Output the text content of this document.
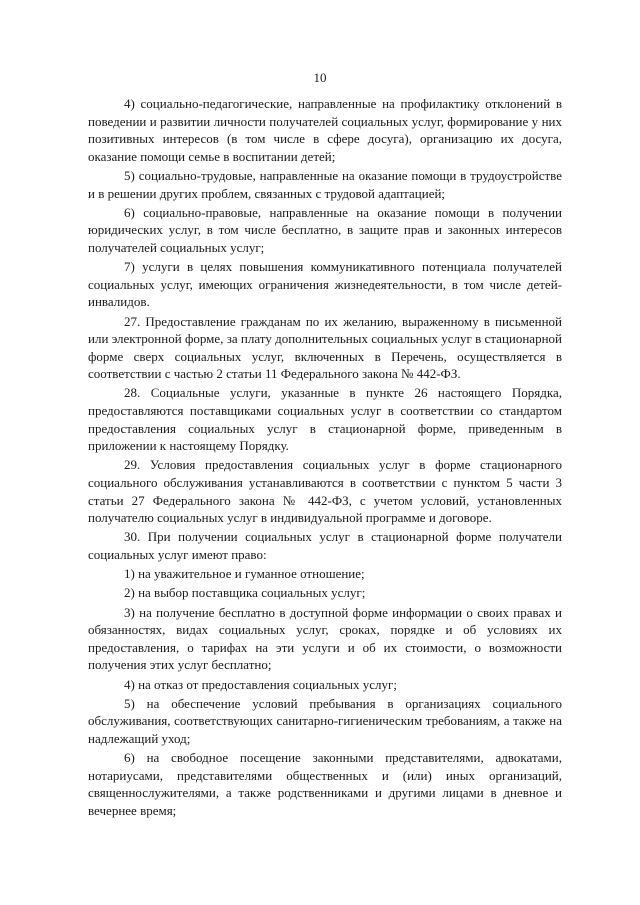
10

4) социально-педагогические, направленные на профилактику отклонений в поведении и развитии личности получателей социальных услуг, формирование у них позитивных интересов (в том числе в сфере досуга), организацию их досуга, оказание помощи семье в воспитании детей;

5) социально-трудовые, направленные на оказание помощи в трудоустройстве и в решении других проблем, связанных с трудовой адаптацией;

6) социально-правовые, направленные на оказание помощи в получении юридических услуг, в том числе бесплатно, в защите прав и законных интересов получателей социальных услуг;

7) услуги в целях повышения коммуникативного потенциала получателей социальных услуг, имеющих ограничения жизнедеятельности, в том числе детей-инвалидов.

27. Предоставление гражданам по их желанию, выраженному в письменной или электронной форме, за плату дополнительных социальных услуг в стационарной форме сверх социальных услуг, включенных в Перечень, осуществляется в соответствии с частью 2 статьи 11 Федерального закона № 442-ФЗ.

28. Социальные услуги, указанные в пункте 26 настоящего Порядка, предоставляются поставщиками социальных услуг в соответствии со стандартом предоставления социальных услуг в стационарной форме, приведенным в приложении к настоящему Порядку.

29. Условия предоставления социальных услуг в форме стационарного социального обслуживания устанавливаются в соответствии с пунктом 5 части 3 статьи 27 Федерального закона № 442-ФЗ, с учетом условий, установленных получателю социальных услуг в индивидуальной программе и договоре.

30. При получении социальных услуг в стационарной форме получатели социальных услуг имеют право:

1) на уважительное и гуманное отношение;

2) на выбор поставщика социальных услуг;

3) на получение бесплатно в доступной форме информации о своих правах и обязанностях, видах социальных услуг, сроках, порядке и об условиях их предоставления, о тарифах на эти услуги и об их стоимости, о возможности получения этих услуг бесплатно;

4) на отказ от предоставления социальных услуг;

5) на обеспечение условий пребывания в организациях социального обслуживания, соответствующих санитарно-гигиеническим требованиям, а также на надлежащий уход;

6) на свободное посещение законными представителями, адвокатами, нотариусами, представителями общественных и (или) иных организаций, священнослужителями, а также родственниками и другими лицами в дневное и вечернее время;
